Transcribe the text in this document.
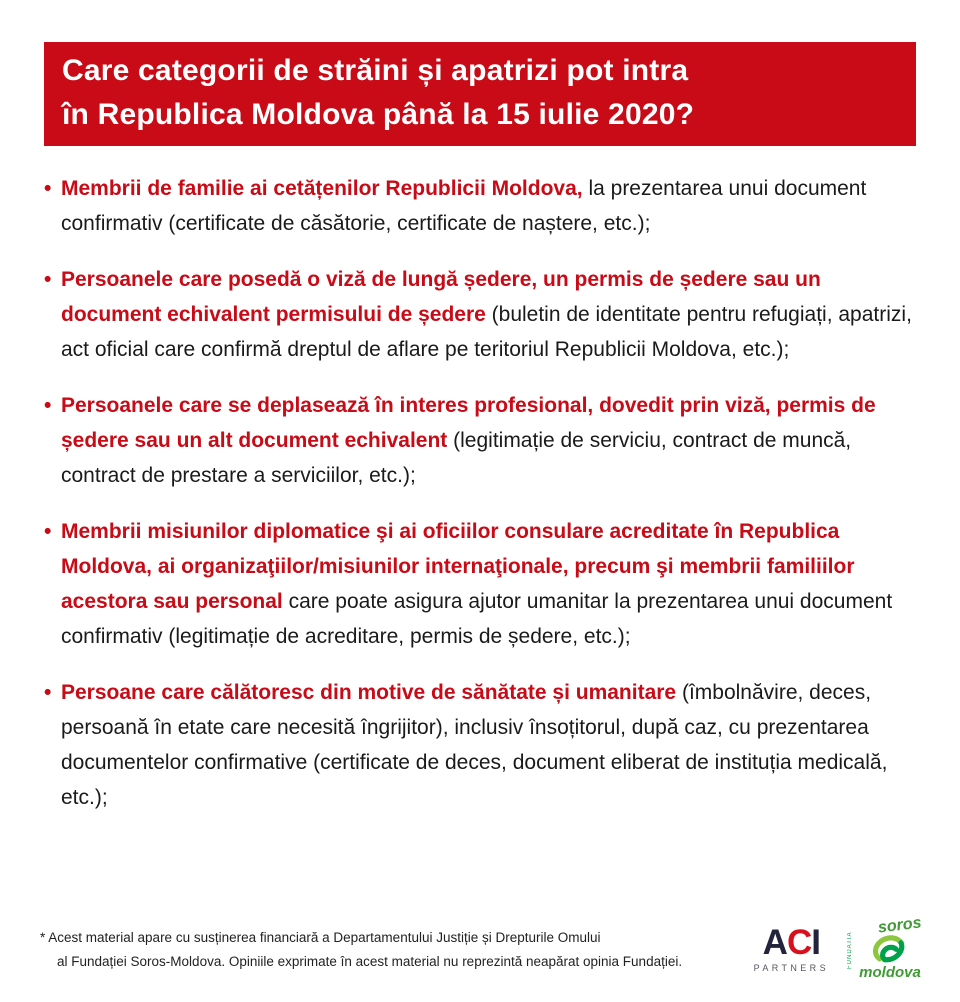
Care categorii de străini și apatrizi pot intra
în Republica Moldova până la 15 iulie 2020?
• Membrii de familie ai cetățenilor Republicii Moldova, la prezentarea unui document confirmativ (certificate de căsătorie, certificate de naștere, etc.);
• Persoanele care posedă o viză de lungă ședere, un permis de ședere sau un document echivalent permisului de ședere (buletin de identitate pentru refugiați, apatrizi, act oficial care confirmă dreptul de aflare pe teritoriul Republicii Moldova, etc.);
• Persoanele care se deplasează în interes profesional, dovedit prin viză, permis de ședere sau un alt document echivalent (legitimație de serviciu, contract de muncă, contract de prestare a serviciilor, etc.);
• Membrii misiunilor diplomatice şi ai oficiilor consulare acreditate în Republica Moldova, ai organizaţiilor/misiunilor internaţionale, precum şi membrii familiilor acestora sau personal care poate asigura ajutor umanitar la prezentarea unui document confirmativ (legitimație de acreditare, permis de ședere, etc.);
• Persoane care călătoresc din motive de sănătate și umanitare (îmbolnăvire, deces, persoană în etate care necesită îngrijitor), inclusiv însoțitorul, după caz, cu prezentarea documentelor confirmative (certificate de deces, document eliberat de instituția medicală, etc.);
* Acest material apare cu susținerea financiară a Departamentului Justiție și Drepturile Omului
al Fundației Soros-Moldova. Opiniile exprimate în acest material nu reprezintă neapărat opinia Fundației. ACI
PARTNERS	FUNDATIA
soros
moldova
